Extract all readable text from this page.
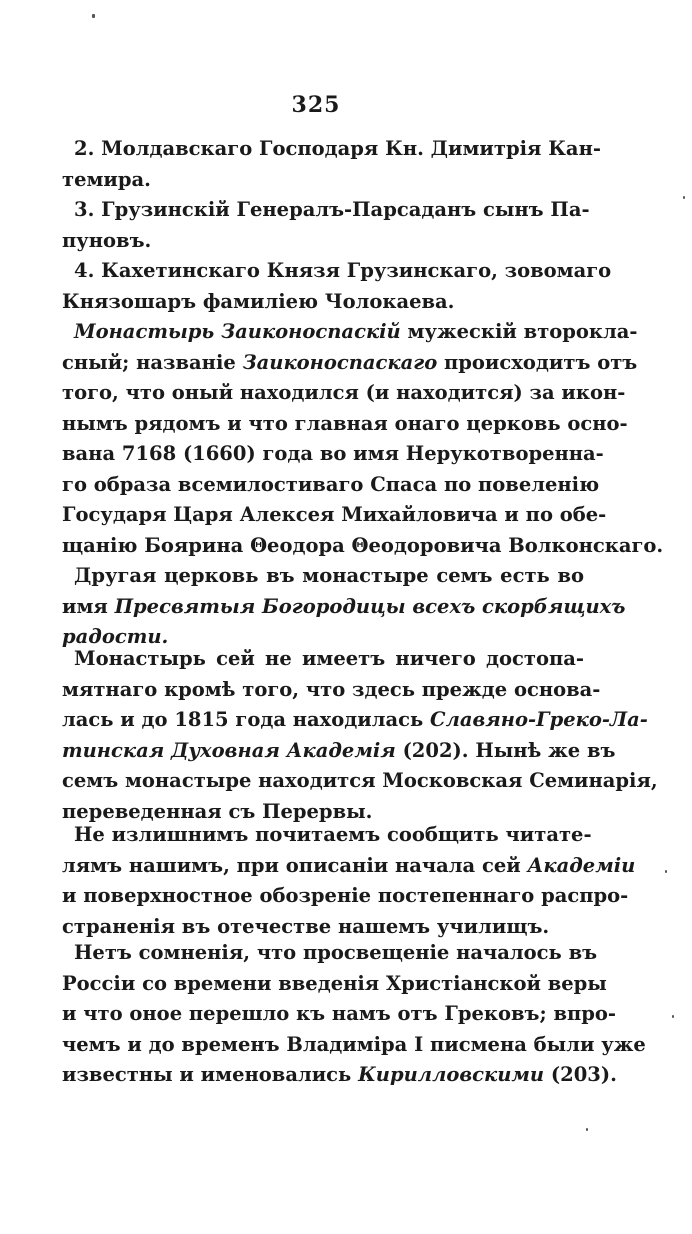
325
2. Молдавскаго Господаря Кн. Димитрія Кан-
темира.
3. Грузинскій Генералъ-Парсаданъ сынъ Па-
пуновъ.
4. Кахетинскаго Князя Грузинскаго, зовомаго
Князошаръ фамиліею Чолокаева.
Монастырь Заиконоспаскій мужескій второкла-
сный; названіе Заиконоспаскаго происходитъ отъ
того, что оный находился (и находится) за икон-
нымъ рядомъ и что главная онаго церковь осно-
вана 7168 (1660) года во имя Нерукотворенна-
го образа всемилостиваго Спаса по повеленію
Государя Царя Алексея Михайловича и по обе-
щанію Боярина Θеодора Θеодоровича Волконскаго.
Другая церковь въ монастыре семъ есть во
имя Пресвятыя Богородицы всехъ скорбящихъ
радости.
Монастырь сей не имеетъ ничего достопа-
мятнаго кромѣ того, что здесь прежде основа-
лась и до 1815 года находилась Славяно-Греко-Ла-
тинская Духовная Академія (202). Нынѣ же въ
семъ монастыре находится Московская Семинарія,
переведенная съ Перервы.
Не излишнимъ почитаемъ сообщить читате-
лямъ нашимъ, при описаніи начала сей Академіи
и поверхностное обозреніе постепеннаго распро-
страненія въ отечестве нашемъ училищъ.
Нетъ сомненія, что просвещеніе началось въ
Россіи со времени введенія Христіанской веры
и что оное перешло къ намъ отъ Грековъ; впро-
чемъ и до временъ Владиміра I писмена были уже
известны и именовались Кирилловскими (203).
